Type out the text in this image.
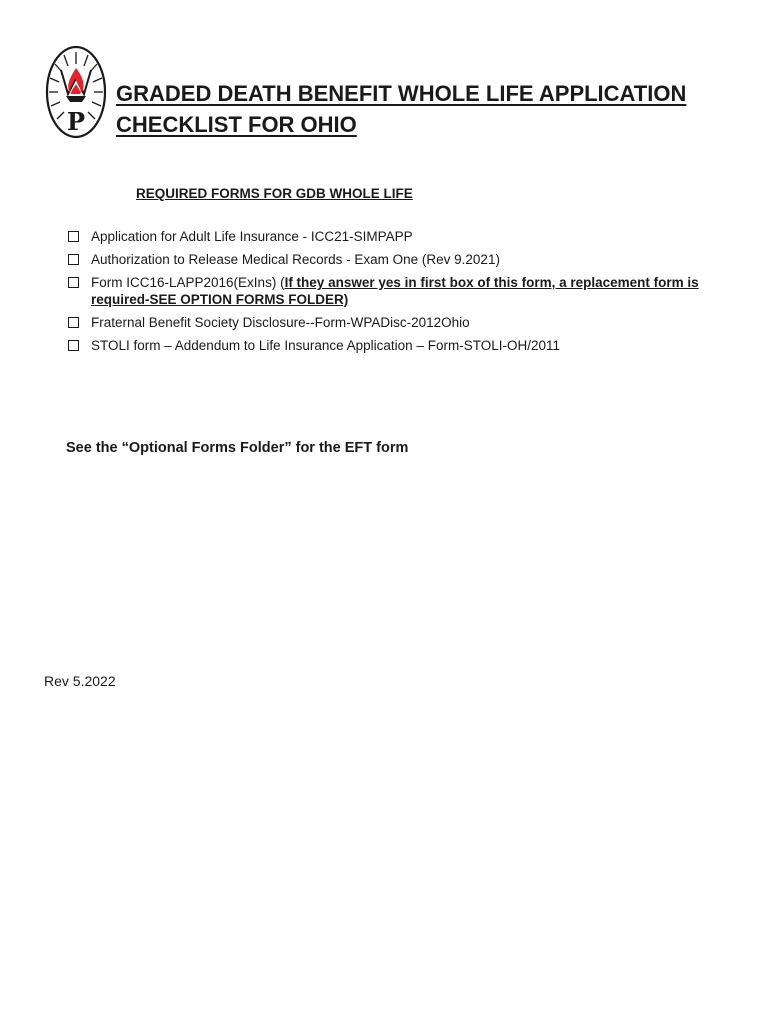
P
GRADED DEATH BENEFIT WHOLE LIFE APPLICATION
CHECKLIST FOR OHIO
REQUIRED FORMS FOR GDB WHOLE LIFE
Application for Adult Life Insurance - ICC21-SIMPAPP
Authorization to Release Medical Records - Exam One (Rev 9.2021)
Form ICC16-LAPP2016(ExIns) (If they answer yes in first box of this form, a replacement form is required-SEE OPTION FORMS FOLDER)
Fraternal Benefit Society Disclosure--Form-WPADisc-2012Ohio
STOLI form – Addendum to Life Insurance Application – Form-STOLI-OH/2011

See the “Optional Forms Folder” for the EFT form

Rev 5.2022
